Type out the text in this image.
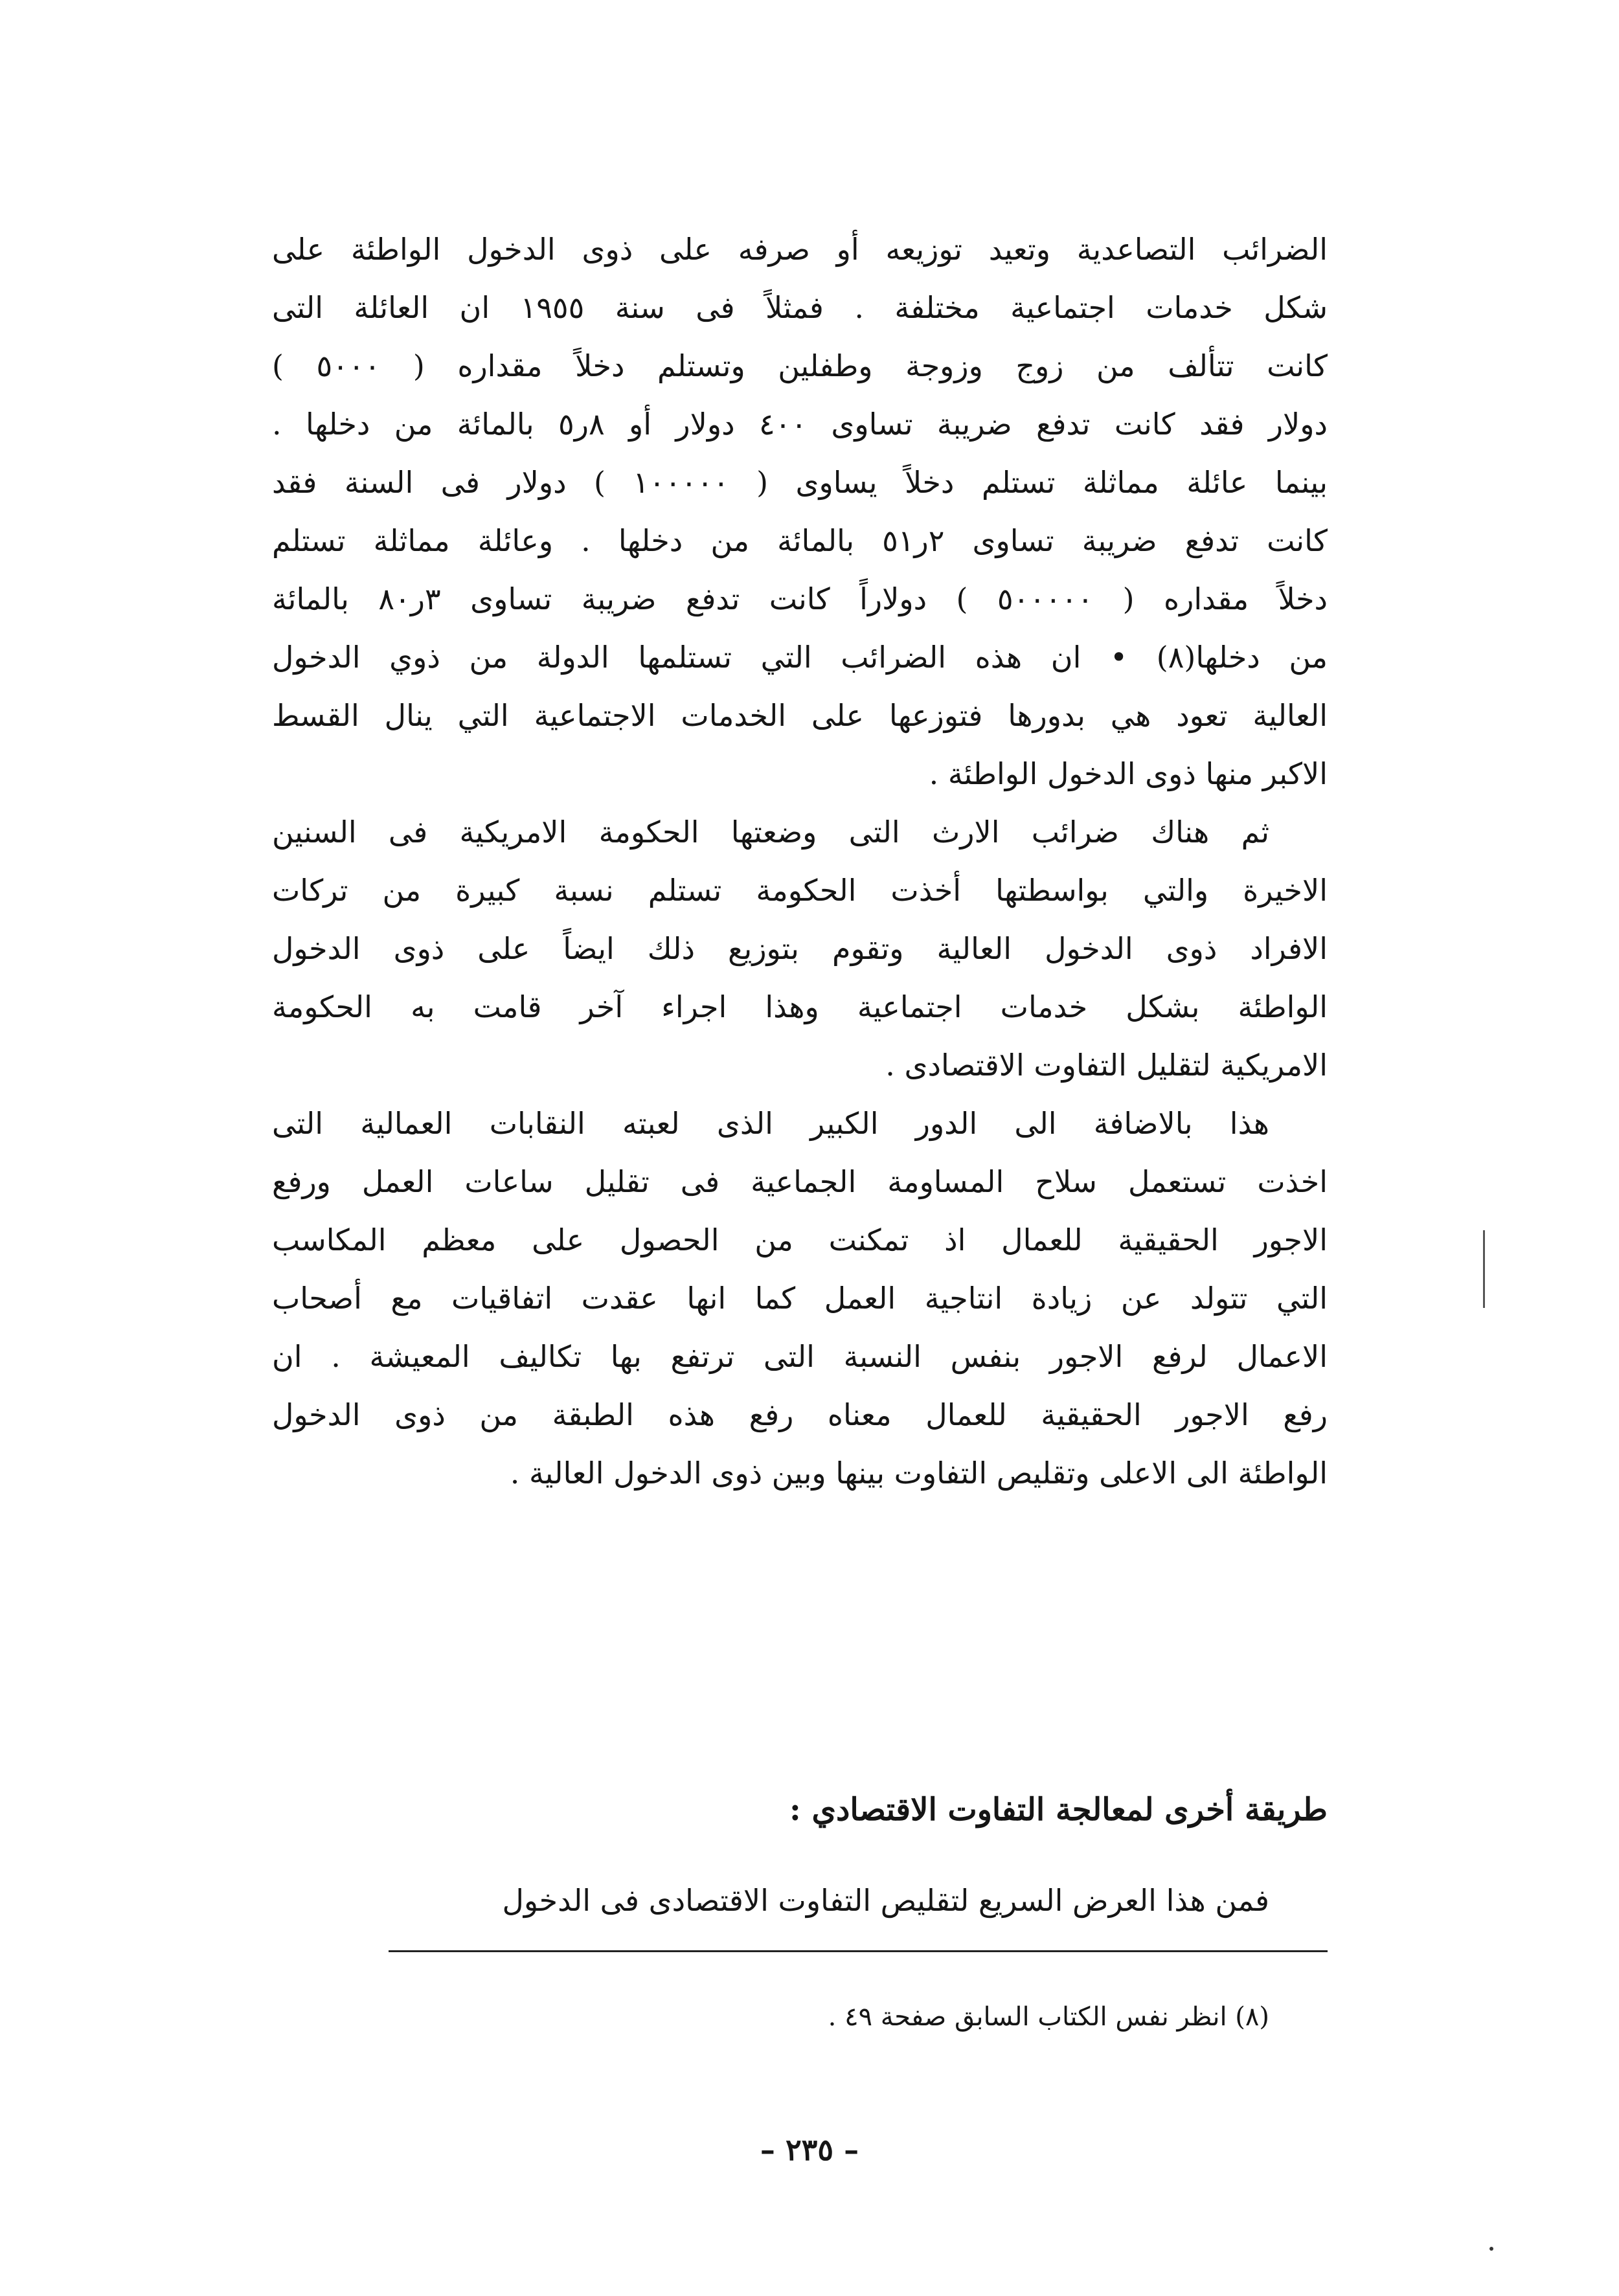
الضرائب التصاعدية وتعيد توزيعه أو صرفه على ذوى الدخول الواطئة على
شكل خدمات اجتماعية مختلفة . فمثلاً فى سنة ١٩٥٥ ان العائلة التى
كانت تتألف من زوج وزوجة وطفلين وتستلم دخلاً مقداره ( ٥٠٠٠ )
دولار فقد كانت تدفع ضريبة تساوى ٤٠٠ دولار أو ٨ر٥ بالمائة من دخلها .
بينما عائلة مماثلة تستلم دخلاً يساوى ( ١٠٠٠٠٠ ) دولار فى السنة فقد
كانت تدفع ضريبة تساوى ٢ر٥١ بالمائة من دخلها . وعائلة مماثلة تستلم
دخلاً مقداره ( ٥٠٠٠٠٠ ) دولاراً كانت تدفع ضريبة تساوى ٣ر٨٠ بالمائة
من دخلها(٨) • ان هذه الضرائب التي تستلمها الدولة من ذوي الدخول
العالية تعود هي بدورها فتوزعها على الخدمات الاجتماعية التي ينال القسط
الاكبر منها ذوى الدخول الواطئة .
ثم هناك ضرائب الارث التى وضعتها الحكومة الامريكية فى السنين
الاخيرة والتي بواسطتها أخذت الحكومة تستلم نسبة كبيرة من تركات
الافراد ذوى الدخول العالية وتقوم بتوزيع ذلك ايضاً على ذوى الدخول
الواطئة بشكل خدمات اجتماعية وهذا اجراء آخر قامت به الحكومة
الامريكية لتقليل التفاوت الاقتصادى .
هذا بالاضافة الى الدور الكبير الذى لعبته النقابات العمالية التى
اخذت تستعمل سلاح المساومة الجماعية فى تقليل ساعات العمل ورفع
الاجور الحقيقية للعمال اذ تمكنت من الحصول على معظم المكاسب
التي تتولد عن زيادة انتاجية العمل كما انها عقدت اتفاقيات مع أصحاب
الاعمال لرفع الاجور بنفس النسبة التى ترتفع بها تكاليف المعيشة . ان
رفع الاجور الحقيقية للعمال معناه رفع هذه الطبقة من ذوى الدخول
الواطئة الى الاعلى وتقليص التفاوت بينها وبين ذوى الدخول العالية .
طريقة أخرى لمعالجة التفاوت الاقتصادي :
فمن هذا العرض السريع لتقليص التفاوت الاقتصادى فى الدخول
(٨) انظر نفس الكتاب السابق صفحة ٤٩ .
– ٢٣٥ –
